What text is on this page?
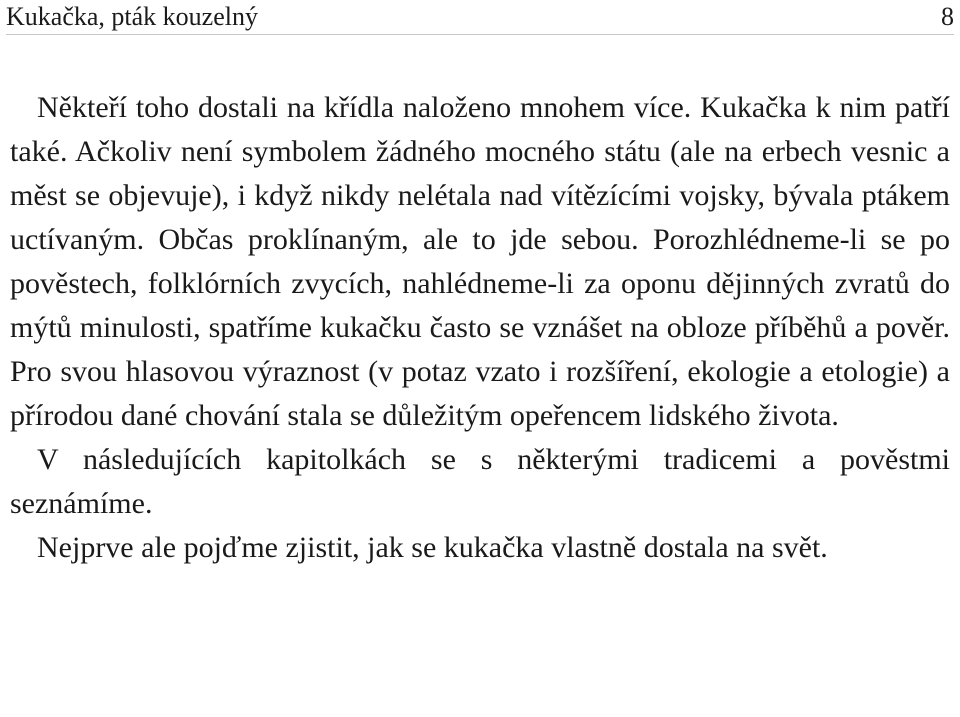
Kukačka, pták kouzelný	8

Někteří toho dostali na křídla naloženo mnohem více. Kukačka k nim patří také. Ačkoliv není symbolem žádného mocného státu (ale na erbech vesnic a měst se objevuje), i když nikdy nelétala nad vítězícími vojsky, bývala ptákem uctívaným. Občas proklínaným, ale to jde sebou. Porozhlédneme-li se po pověstech, folklórních zvycích, nahlédneme-li za oponu dějinných zvratů do mýtů minulosti, spatříme kukačku často se vznášet na obloze příběhů a pověr. Pro svou hlasovou výraznost (v potaz vzato i rozšíření, ekologie a etologie) a přírodou dané chování stala se důležitým opeřencem lidského života.

V následujících kapitolkách se s některými tradicemi a pověstmi seznámíme.

Nejprve ale pojďme zjistit, jak se kukačka vlastně dostala na svět.
